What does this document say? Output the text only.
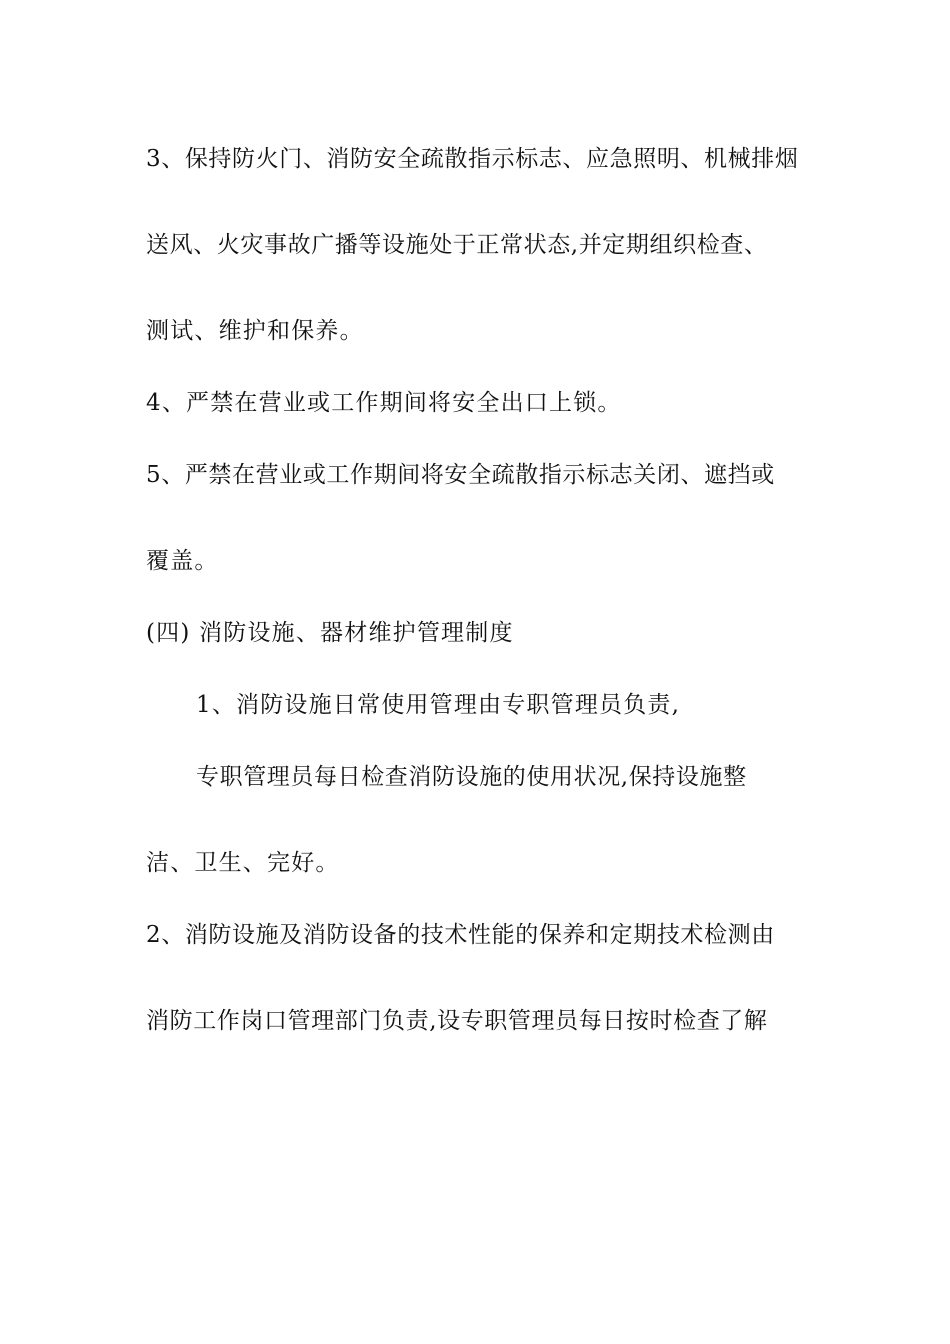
3、保持防火门、消防安全疏散指示标志、应急照明、机械排烟
送风、火灾事故广播等设施处于正常状态,并定期组织检查、
测试、维护和保养。
4、严禁在营业或工作期间将安全出口上锁。
5、严禁在营业或工作期间将安全疏散指示标志关闭、遮挡或
覆盖。
(四) 消防设施、器材维护管理制度
1、消防设施日常使用管理由专职管理员负责,
专职管理员每日检查消防设施的使用状况,保持设施整
洁、卫生、完好。
2、消防设施及消防设备的技术性能的保养和定期技术检测由
消防工作岗口管理部门负责,设专职管理员每日按时检查了解
